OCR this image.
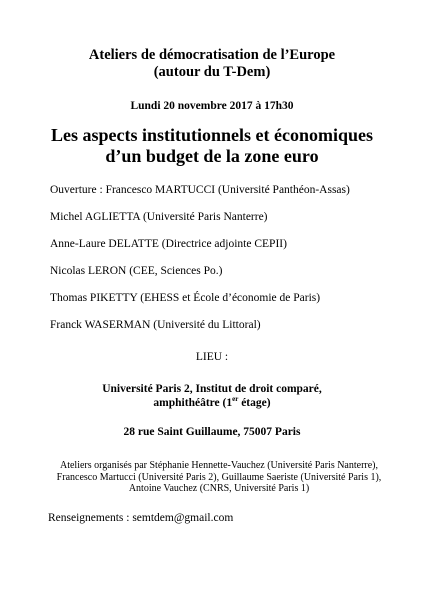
Ateliers de démocratisation de l’Europe
(autour du T-Dem)
Lundi 20 novembre 2017 à 17h30
Les aspects institutionnels et économiques
d’un budget de la zone euro
Ouverture : Francesco MARTUCCI (Université Panthéon-Assas)
Michel AGLIETTA (Université Paris Nanterre)
Anne-Laure DELATTE (Directrice adjointe CEPII)
Nicolas LERON (CEE, Sciences Po.)
Thomas PIKETTY (EHESS et École d’économie de Paris)
Franck WASERMAN (Université du Littoral)
LIEU :
Université Paris 2, Institut de droit comparé,
amphithéâtre (1er étage)
28 rue Saint Guillaume, 75007 Paris
Ateliers organisés par Stéphanie Hennette-Vauchez (Université Paris Nanterre),
Francesco Martucci (Université Paris 2), Guillaume Saeriste (Université Paris 1),
Antoine Vauchez (CNRS, Université Paris 1)
Renseignements : semtdem@gmail.com
